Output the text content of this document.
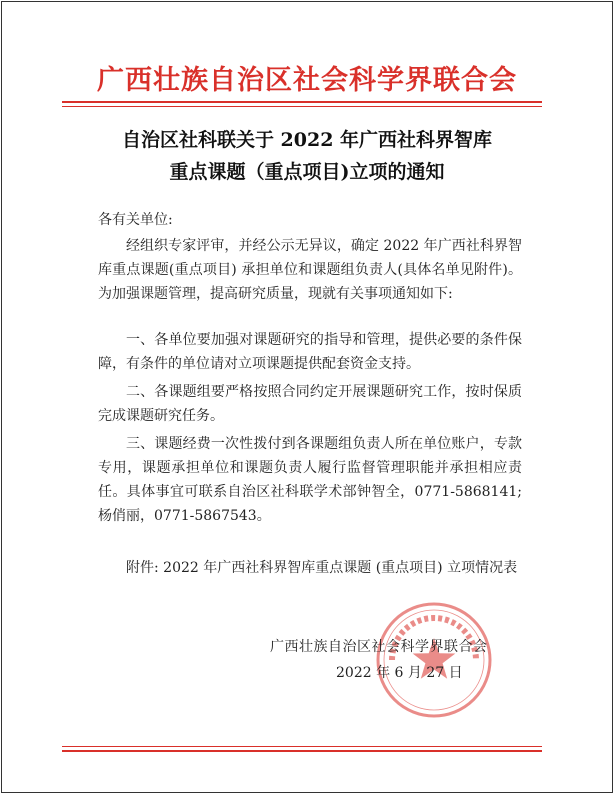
广西壮族自治区社会科学界联合会
自治区社科联关于 2022 年广西社科界智库
重点课题（重点项目)立项的通知
各有关单位:
经组织专家评审，并经公示无异议，确定 2022 年广西社科界智库重点课题(重点项目) 承担单位和课题组负责人(具体名单见附件)。为加强课题管理，提高研究质量，现就有关事项通知如下:
一、各单位要加强对课题研究的指导和管理，提供必要的条件保障，有条件的单位请对立项课题提供配套资金支持。
二、各课题组要严格按照合同约定开展课题研究工作，按时保质完成课题研究任务。
三、课题经费一次性拨付到各课题组负责人所在单位账户，专款专用，课题承担单位和课题负责人履行监督管理职能并承担相应责任。具体事宜可联系自治区社科联学术部钟智全，0771-5868141; 杨俏丽，0771-5867543。
附件: 2022 年广西社科界智库重点课题 (重点项目) 立项情况表
广西壮族自治区社会科学界联合会
2022 年 6 月 27 日
